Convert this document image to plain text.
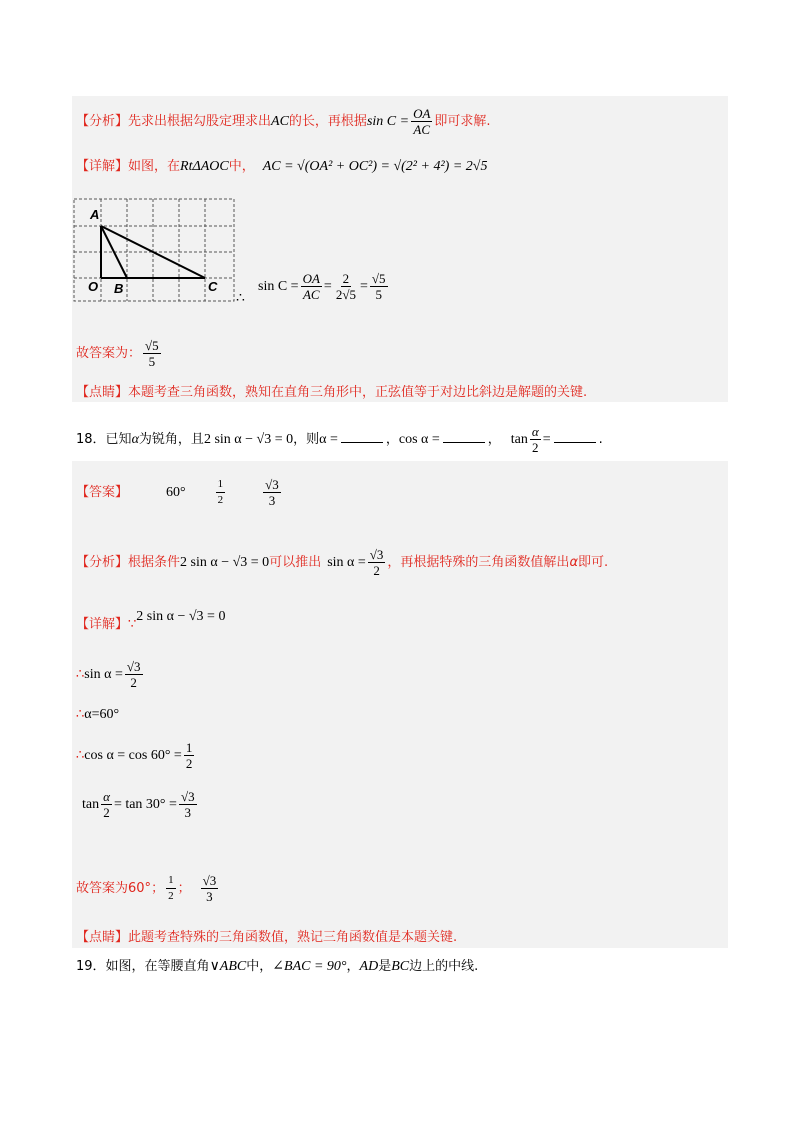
【分析】先求出根据勾股定理求出AC的长，再根据$\sin C = \frac{OA}{AC}$ 即可求解.
【详解】如图，在RtΔAOC中， AC = √(OA² + OC²) = √(2² + 4²) = 2√5
A
O B	C
∴
$\sin C = \frac{OA}{AC} = \frac{2}{2√5} = \frac{√5}{5}$
故答案为： $\frac{√5}{5}$
【点睛】本题考查三角函数，熟知在直角三角形中，正弦值等于对边比斜边是解题的关键.
18．已知α为锐角，且2 sin α − √3 = 0，则α =	，cos α =	， $\tan \frac{\alpha}{2}$ =	.
【答案】	60°	$\frac{1}{2}$	$\frac{√3}{3}$
【分析】根据条件2 sin α − √3 = 0可以推出 $\sin \alpha = \frac{√3}{2}$ ，再根据特殊的三角函数值解出α即可.
【详解】∵2 sin α − √3 = 0
∴sin $\alpha = \frac{√3}{2}$
∴α=60°
∴cos $\alpha = \cos 60^\circ = \frac{1}{2}$
$\tan \frac{\alpha}{2} = \tan 30^\circ = \frac{√3}{3}$
故答案为60°； $\frac{1}{2}$ ； $\frac{√3}{3}$
【点睛】此题考查特殊的三角函数值，熟记三角函数值是本题关键.
19．如图，在等腰直角∨ABC中，∠BAC = 90°，AD是BC边上的中线.
